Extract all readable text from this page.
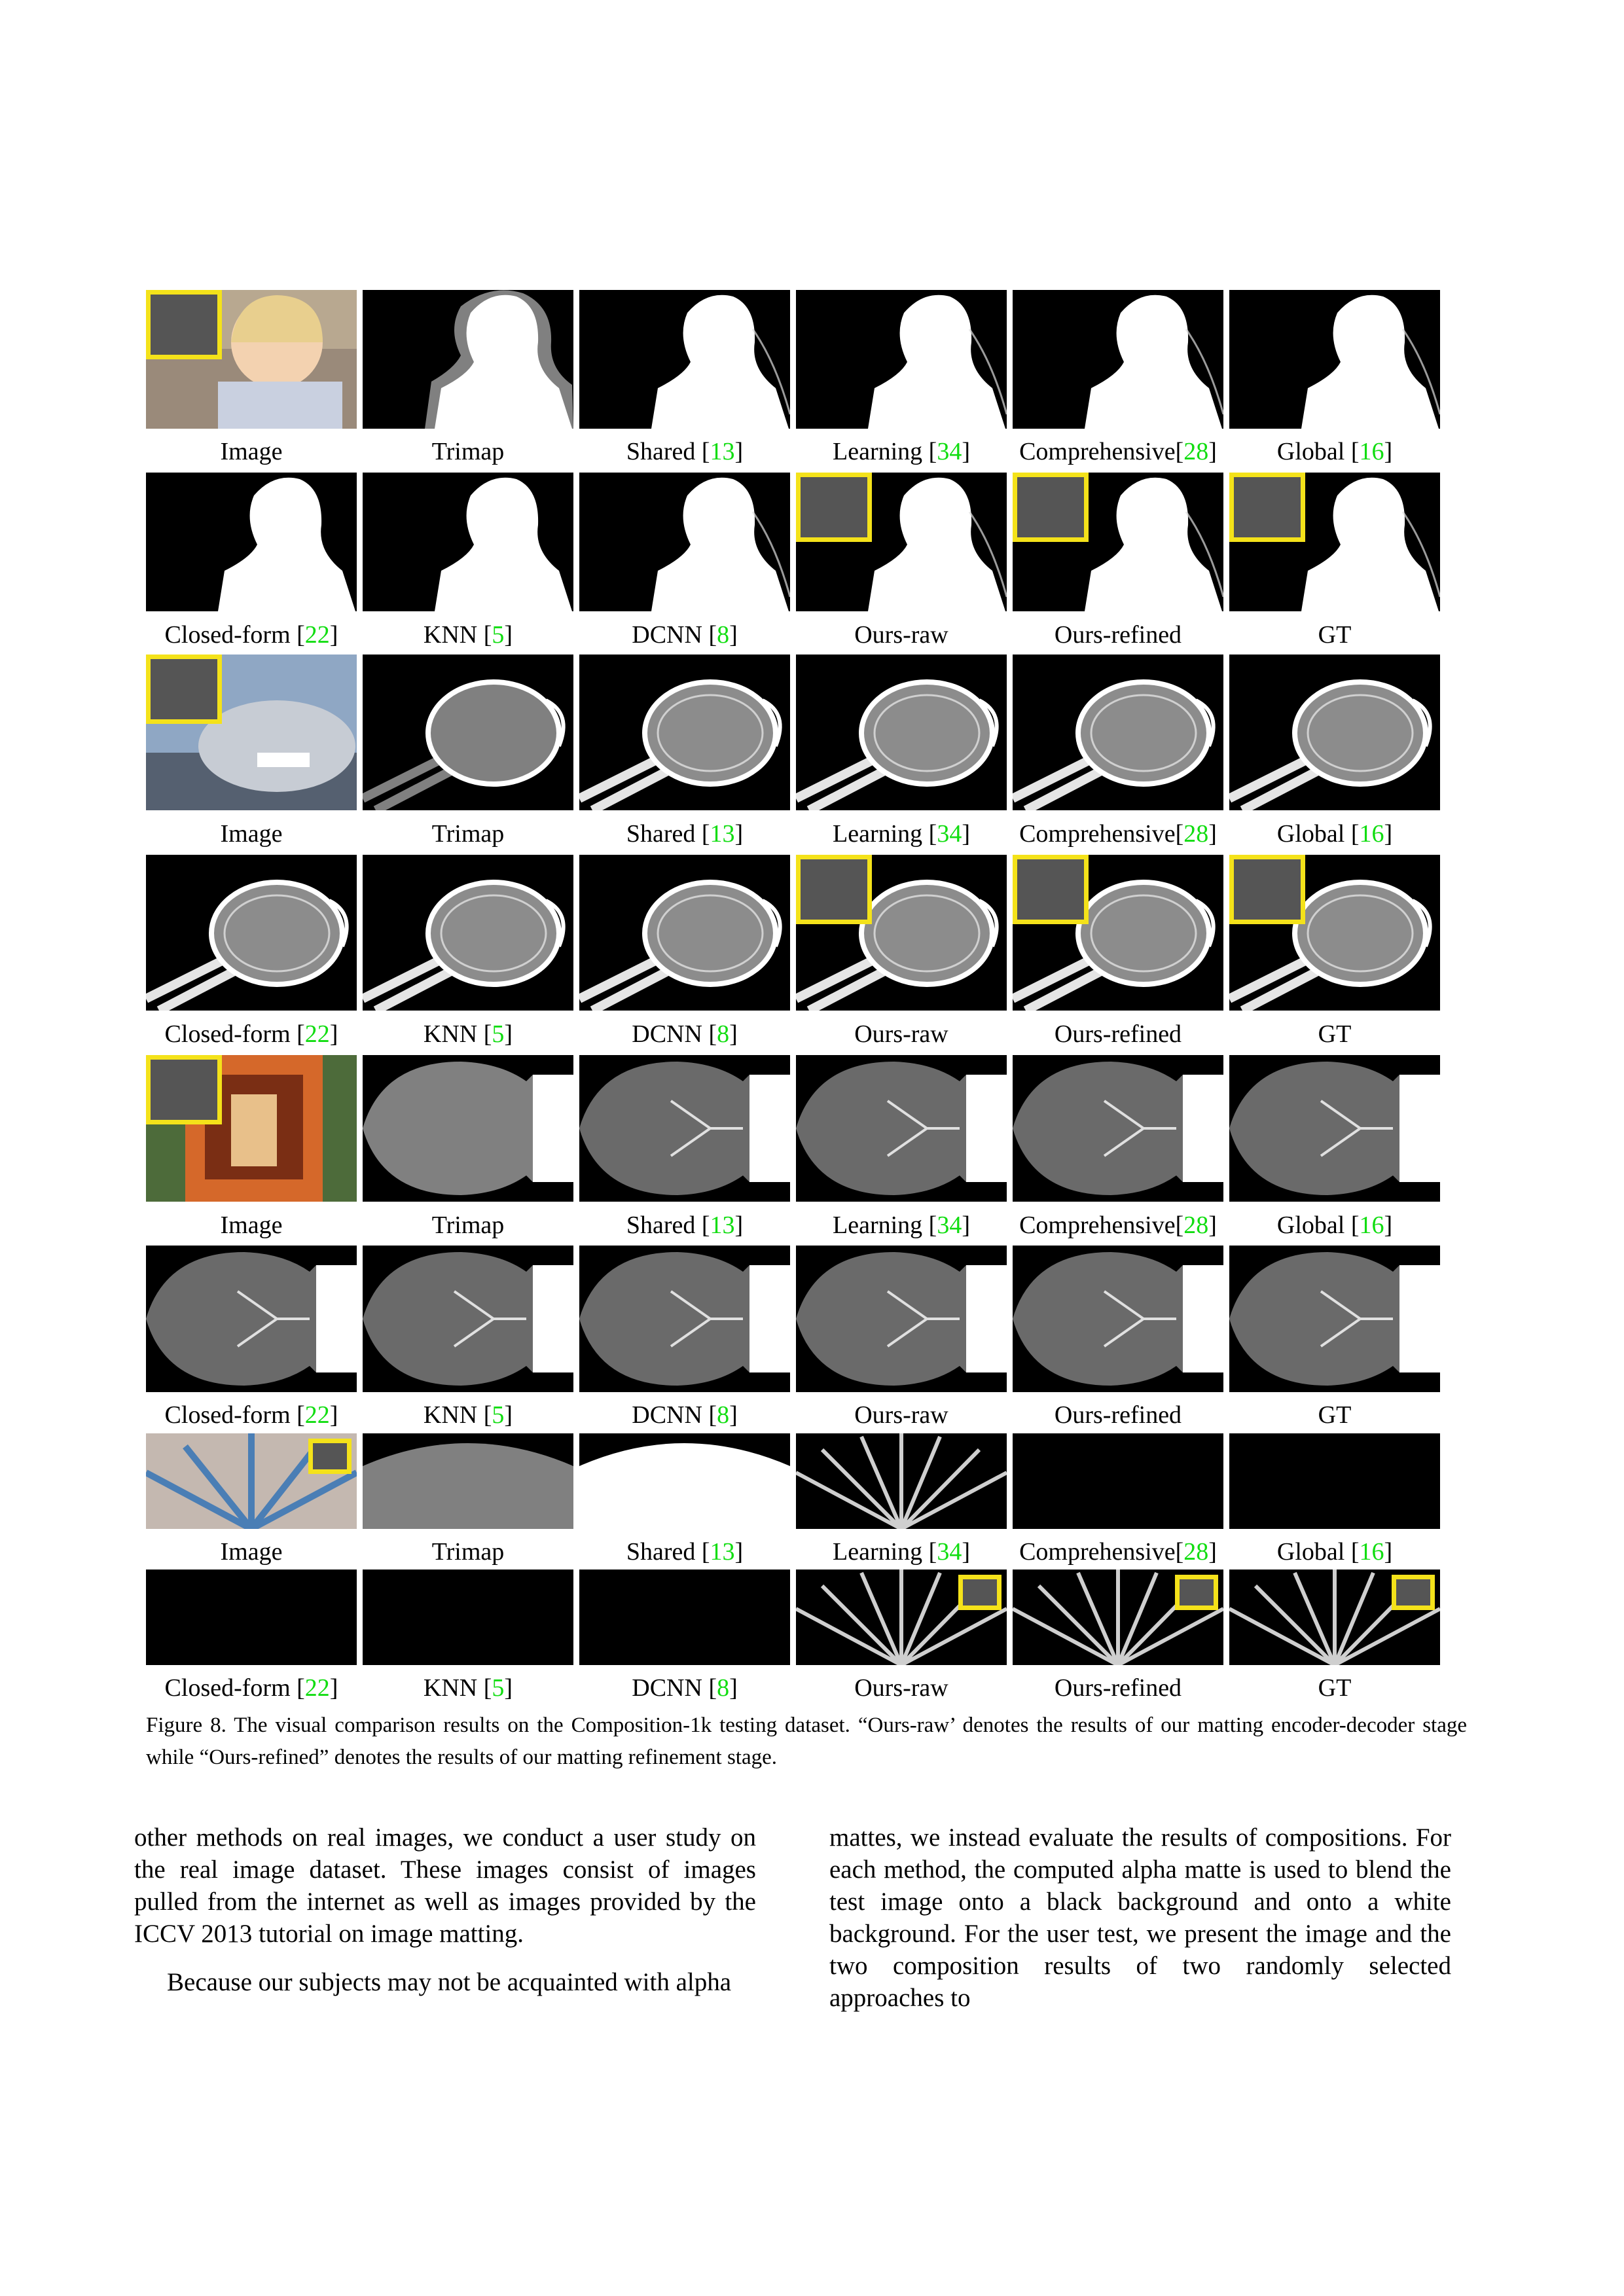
Image	Trimap	Shared [13]	Learning [34]	Comprehensive[28]	Global [16]
Closed-form [22]	KNN [5]	DCNN [8]	Ours-raw	Ours-refined	GT
Image	Trimap	Shared [13]	Learning [34]	Comprehensive[28]	Global [16]
Closed-form [22]	KNN [5]	DCNN [8]	Ours-raw	Ours-refined	GT
Image	Trimap	Shared [13]	Learning [34]	Comprehensive[28]	Global [16]
Closed-form [22]	KNN [5]	DCNN [8]	Ours-raw	Ours-refined	GT
Image	Trimap	Shared [13]	Learning [34]	Comprehensive[28]	Global [16]
Closed-form [22]	KNN [5]	DCNN [8]	Ours-raw	Ours-refined	GT
Figure 8. The visual comparison results on the Composition-1k testing dataset. “Ours-raw’ denotes the results of our matting encoder-decoder stage while “Ours-refined” denotes the results of our matting refinement stage.

other methods on real images, we conduct a user study on the real image dataset. These images consist of images pulled from the internet as well as images provided by the ICCV 2013 tutorial on image matting.

Because our subjects may not be acquainted with alpha

mattes, we instead evaluate the results of compositions. For each method, the computed alpha matte is used to blend the test image onto a black background and onto a white background. For the user test, we present the image and the two composition results of two randomly selected approaches to
